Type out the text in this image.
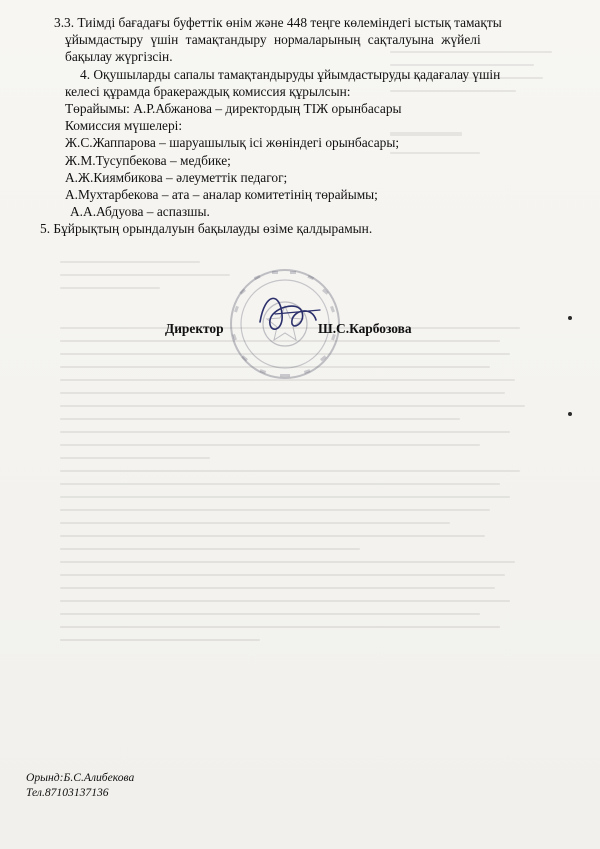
3.3. Тиімді бағадағы буфеттік өнім және 448 теңге көлеміндегі ыстық тамақты

ұйымдастыру үшін тамақтандыру нормаларының сақталуына жүйелі

бақылау жүргізсін.

4. Оқушыларды сапалы тамақтандыруды ұйымдастыруды қадағалау үшін

келесі құрамда бракераждық комиссия құрылсын:

Төрайымы: А.Р.Абжанова – директордың ТІЖ орынбасары

Комиссия мүшелері:

Ж.С.Жаппарова – шаруашылық ісі жөніндегі орынбасары;

Ж.М.Тусупбекова – медбике;

А.Ж.Киямбикова – әлеуметтік педагог;

А.Мухтарбекова – ата – аналар комитетінің төрайымы;

А.А.Абдуова – аспазшы.

5. Бұйрықтың орындалуын бақылауды өзіме қалдырамын.

Директор	Ш.С.Карбозова
Орынд:Б.С.Алибекова
Тел.87103137136
